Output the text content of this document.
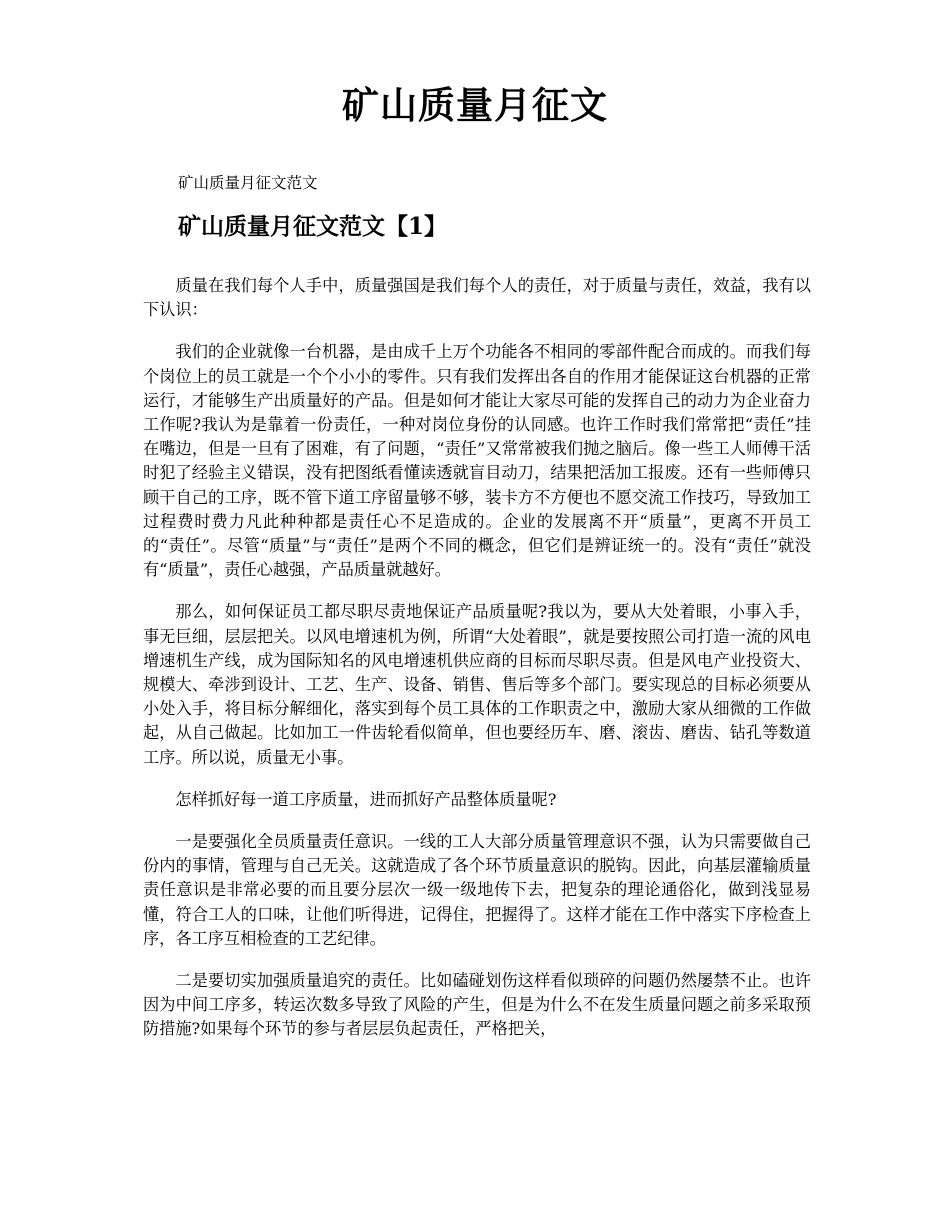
矿山质量月征文
矿山质量月征文范文
矿山质量月征文范文【1】

质量在我们每个人手中，质量强国是我们每个人的责任，对于质量与责任，效益，我有以下认识：

我们的企业就像一台机器，是由成千上万个功能各不相同的零部件配合而成的。而我们每个岗位上的员工就是一个个小小的零件。只有我们发挥出各自的作用才能保证这台机器的正常运行，才能够生产出质量好的产品。但是如何才能让大家尽可能的发挥自己的动力为企业奋力工作呢?我认为是靠着一份责任，一种对岗位身份的认同感。也许工作时我们常常把“责任”挂在嘴边，但是一旦有了困难，有了问题，“责任”又常常被我们抛之脑后。像一些工人师傅干活时犯了经验主义错误，没有把图纸看懂读透就盲目动刀，结果把活加工报废。还有一些师傅只顾干自己的工序，既不管下道工序留量够不够，装卡方不方便也不愿交流工作技巧，导致加工过程费时费力凡此种种都是责任心不足造成的。企业的发展离不开“质量”，更离不开员工的“责任”。尽管“质量”与“责任”是两个不同的概念，但它们是辨证统一的。没有“责任”就没有“质量”，责任心越强，产品质量就越好。

那么，如何保证员工都尽职尽责地保证产品质量呢?我以为，要从大处着眼，小事入手，事无巨细，层层把关。以风电增速机为例，所谓“大处着眼”，就是要按照公司打造一流的风电增速机生产线，成为国际知名的风电增速机供应商的目标而尽职尽责。但是风电产业投资大、规模大、牵涉到设计、工艺、生产、设备、销售、售后等多个部门。要实现总的目标必须要从小处入手，将目标分解细化，落实到每个员工具体的工作职责之中，激励大家从细微的工作做起，从自己做起。比如加工一件齿轮看似简单，但也要经历车、磨、滚齿、磨齿、钻孔等数道工序。所以说，质量无小事。

怎样抓好每一道工序质量，进而抓好产品整体质量呢?

一是要强化全员质量责任意识。一线的工人大部分质量管理意识不强，认为只需要做自己份内的事情，管理与自己无关。这就造成了各个环节质量意识的脱钩。因此，向基层灌输质量责任意识是非常必要的而且要分层次一级一级地传下去，把复杂的理论通俗化，做到浅显易懂，符合工人的口味，让他们听得进，记得住，把握得了。这样才能在工作中落实下序检查上序，各工序互相检查的工艺纪律。

二是要切实加强质量追究的责任。比如磕碰划伤这样看似琐碎的问题仍然屡禁不止。也许因为中间工序多，转运次数多导致了风险的产生，但是为什么不在发生质量问题之前多采取预防措施?如果每个环节的参与者层层负起责任，严格把关，
